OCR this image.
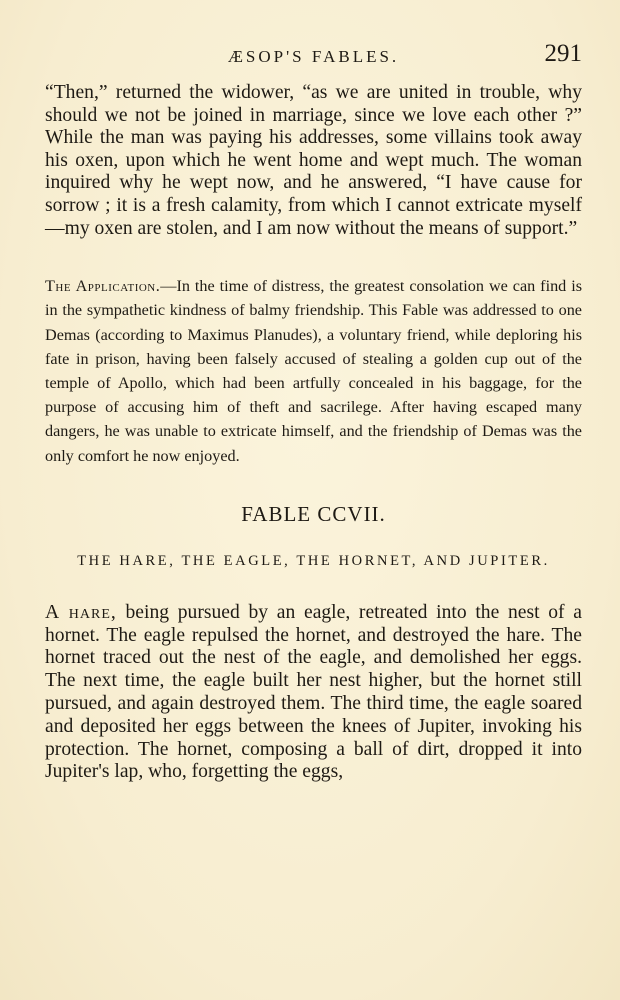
ÆSOP'S FABLES.	291

“Then,” returned the widower, “as we are united in trouble, why should we not be joined in marriage, since we love each other ?” While the man was paying his addresses, some villains took away his oxen, upon which he went home and wept much. The woman inquired why he wept now, and he answered, “I have cause for sorrow ; it is a fresh calamity, from which I cannot extricate myself—my oxen are stolen, and I am now without the means of support.”

The Application.—In the time of distress, the greatest consolation we can find is in the sympathetic kindness of balmy friendship. This Fable was addressed to one Demas (according to Maximus Planudes), a voluntary friend, while deploring his fate in prison, having been falsely accused of stealing a golden cup out of the temple of Apollo, which had been artfully concealed in his baggage, for the purpose of accusing him of theft and sacrilege. After having escaped many dangers, he was unable to extricate himself, and the friendship of Demas was the only comfort he now enjoyed.

FABLE CCVII.
THE HARE, THE EAGLE, THE HORNET, AND JUPITER.

A hare, being pursued by an eagle, retreated into the nest of a hornet. The eagle repulsed the hornet, and destroyed the hare. The hornet traced out the nest of the eagle, and demolished her eggs. The next time, the eagle built her nest higher, but the hornet still pursued, and again destroyed them. The third time, the eagle soared and deposited her eggs between the knees of Jupiter, invoking his protection. The hornet, composing a ball of dirt, dropped it into Jupiter's lap, who, forgetting the eggs,
